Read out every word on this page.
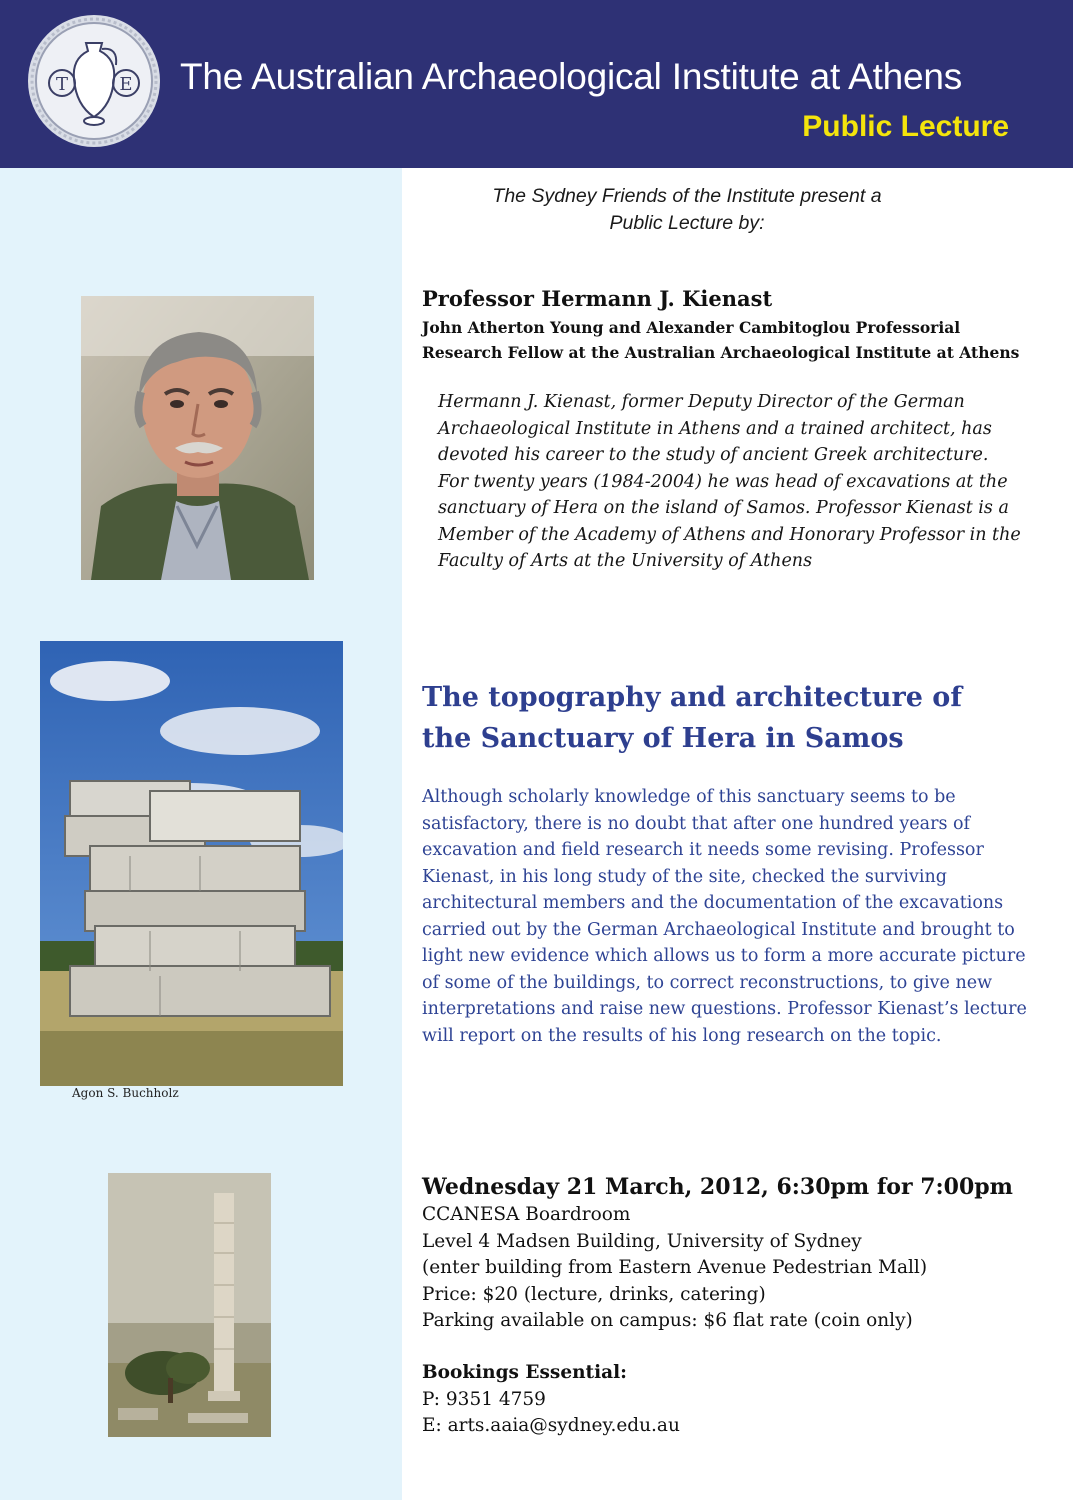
T	E The Australian Archaeological Institute at Athens
Public Lecture
Agon S. Buchholz
The Sydney Friends of the Institute present a
Public Lecture by:
Professor Hermann J. Kienast
John Atherton Young and Alexander Cambitoglou Professorial
Research Fellow at the Australian Archaeological Institute at Athens
Hermann J. Kienast, former Deputy Director of the German
Archaeological Institute in Athens and a trained architect, has
devoted his career to the study of ancient Greek architecture.
For twenty years (1984-2004) he was head of excavations at the
sanctuary of Hera on the island of Samos. Professor Kienast is a
Member of the Academy of Athens and Honorary Professor in the
Faculty of Arts at the University of Athens
The topography and architecture of
the Sanctuary of Hera in Samos
Although scholarly knowledge of this sanctuary seems to be
satisfactory, there is no doubt that after one hundred years of
excavation and field research it needs some revising. Professor
Kienast, in his long study of the site, checked the surviving
architectural members and the documentation of the excavations
carried out by the German Archaeological Institute and brought to
light new evidence which allows us to form a more accurate picture
of some of the buildings, to correct reconstructions, to give new
interpretations and raise new questions. Professor Kienast’s lecture
will report on the results of his long research on the topic.
Wednesday 21 March, 2012, 6:30pm for 7:00pm
CCANESA Boardroom
Level 4 Madsen Building, University of Sydney
(enter building from Eastern Avenue Pedestrian Mall)
Price: $20 (lecture, drinks, catering)
Parking available on campus: $6 flat rate (coin only)
Bookings Essential:
P: 9351 4759
E: arts.aaia@sydney.edu.au
